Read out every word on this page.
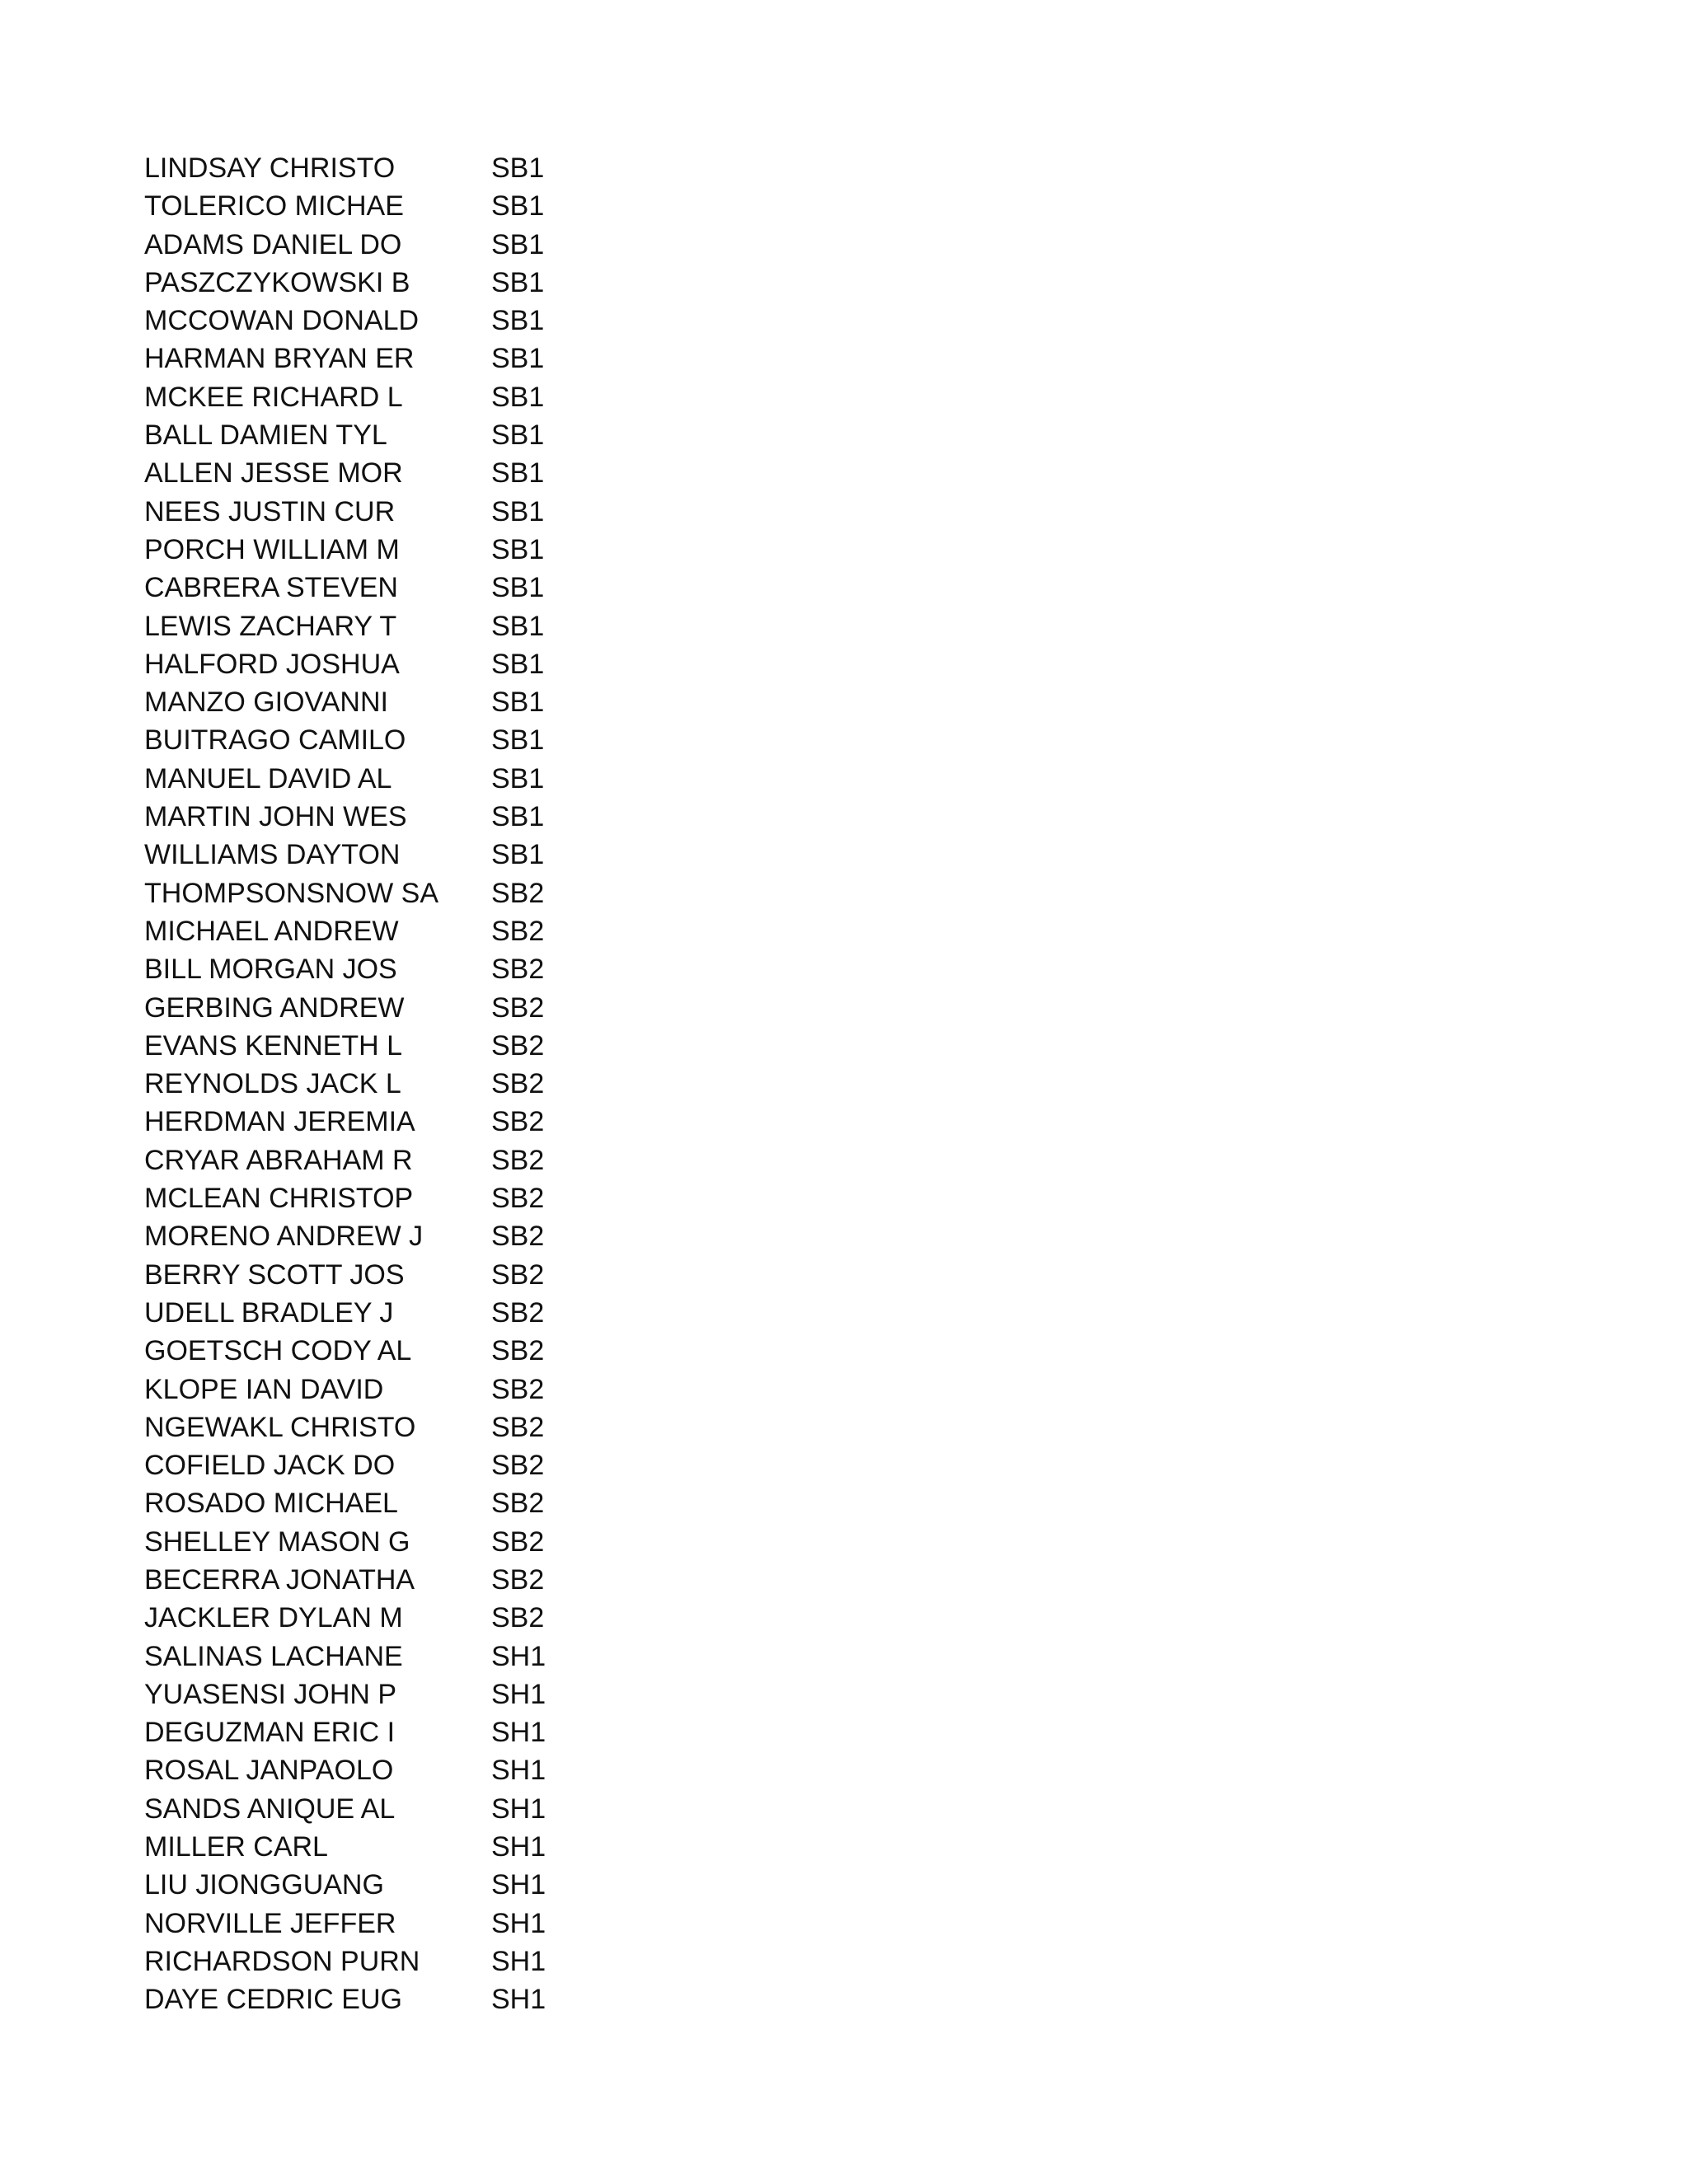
LINDSAY CHRISTO	SB1
TOLERICO MICHAE	SB1
ADAMS DANIEL DO	SB1
PASZCZYKOWSKI B	SB1
MCCOWAN DONALD	SB1
HARMAN BRYAN ER	SB1
MCKEE RICHARD L	SB1
BALL DAMIEN TYL	SB1
ALLEN JESSE MOR	SB1
NEES JUSTIN CUR	SB1
PORCH WILLIAM M	SB1
CABRERA STEVEN	SB1
LEWIS ZACHARY T	SB1
HALFORD JOSHUA	SB1
MANZO GIOVANNI	SB1
BUITRAGO CAMILO	SB1
MANUEL DAVID AL	SB1
MARTIN JOHN WES	SB1
WILLIAMS DAYTON	SB1
THOMPSONSNOW SA	SB2
MICHAEL ANDREW	SB2
BILL MORGAN JOS	SB2
GERBING ANDREW	SB2
EVANS KENNETH L	SB2
REYNOLDS JACK L	SB2
HERDMAN JEREMIA	SB2
CRYAR ABRAHAM R	SB2
MCLEAN CHRISTOP	SB2
MORENO ANDREW J	SB2
BERRY SCOTT JOS	SB2
UDELL BRADLEY J	SB2
GOETSCH CODY AL	SB2
KLOPE IAN DAVID	SB2
NGEWAKL CHRISTO	SB2
COFIELD JACK DO	SB2
ROSADO MICHAEL	SB2
SHELLEY MASON G	SB2
BECERRA JONATHA	SB2
JACKLER DYLAN M	SB2
SALINAS LACHANE	SH1
YUASENSI JOHN P	SH1
DEGUZMAN ERIC I	SH1
ROSAL JANPAOLO	SH1
SANDS ANIQUE AL	SH1
MILLER CARL	SH1
LIU JIONGGUANG	SH1
NORVILLE JEFFER	SH1
RICHARDSON PURN	SH1
DAYE CEDRIC EUG	SH1
